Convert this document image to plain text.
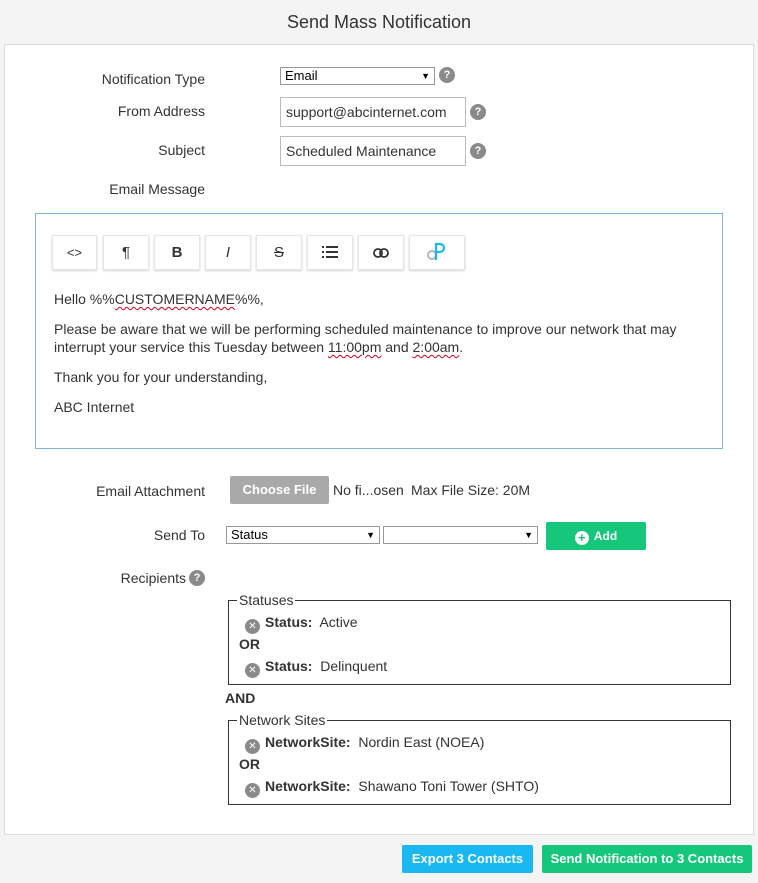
Send Mass Notification
Notification Type	Email	▼	?
From Address	support@abcinternet.com	?
Subject	Scheduled Maintenance	?
Email Message
<>	¶	B	I	S

Hello %%CUSTOMERNAME%%,

Please be aware that we will be performing scheduled maintenance to improve our network that may interrupt your service this Tuesday between 11:00pm and 2:00am.

Thank you for your understanding,

ABC Internet

Email Attachment	Choose File	No fi...osen Max File Size: 20M
Send To	Status	▼	▼	+ Add
Recipients ?
Statuses
✕ Status: Active
OR
✕ Status: Delinquent
AND
Network Sites
✕ NetworkSite: Nordin East (NOEA)
OR
✕ NetworkSite: Shawano Toni Tower (SHTO)
Export 3 Contacts	Send Notification to 3 Contacts
